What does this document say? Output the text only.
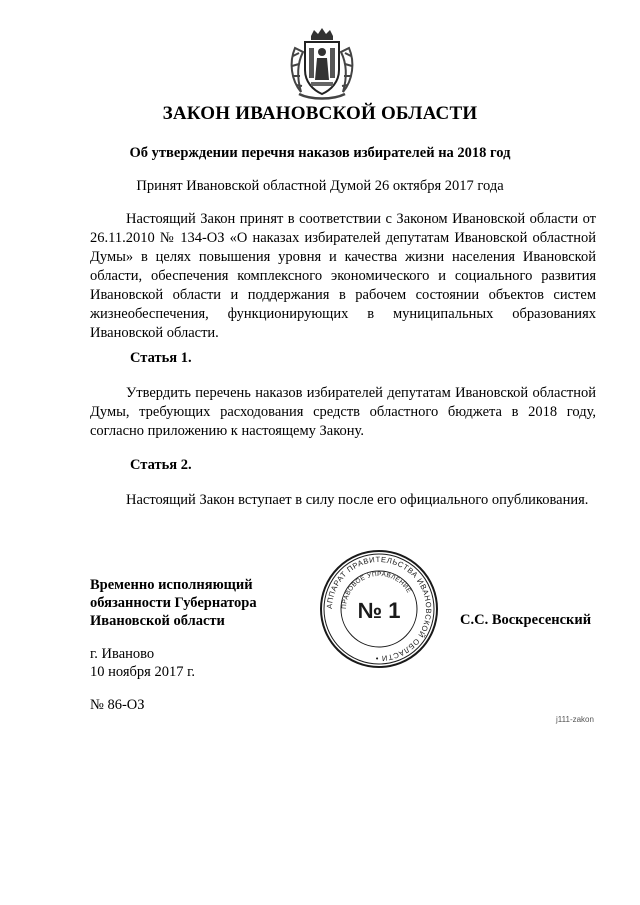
ЗАКОН ИВАНОВСКОЙ ОБЛАСТИ
Об утверждении перечня наказов избирателей на 2018 год
Принят Ивановской областной Думой 26 октября 2017 года

Настоящий Закон принят в соответствии с Законом Ивановской области от 26.11.2010 № 134-ОЗ «О наказах избирателей депутатам Ивановской областной Думы» в целях повышения уровня и качества жизни населения Ивановской области, обеспечения комплексного экономического и социального развития Ивановской области и поддержания в рабочем состоянии объектов систем жизнеобеспечения, функционирующих в муниципальных образованиях Ивановской области.

Статья 1.

Утвердить перечень наказов избирателей депутатам Ивановской областной Думы, требующих расходования средств областного бюджета в 2018 году, согласно приложению к настоящему Закону.

Статья 2.

Настоящий Закон вступает в силу после его официального опубликования.

Временно исполняющий
обязанности Губернатора
Ивановской области
АППАРАТ ПРАВИТЕЛЬСТВА ИВАНОВСКОЙ ОБЛАСТИ •
ПРАВОВОЕ УПРАВЛЕНИЕ
№ 1	С.С. Воскресенский
г. Иваново
10 ноября 2017 г.
№ 86-ОЗ
j111-zakon
